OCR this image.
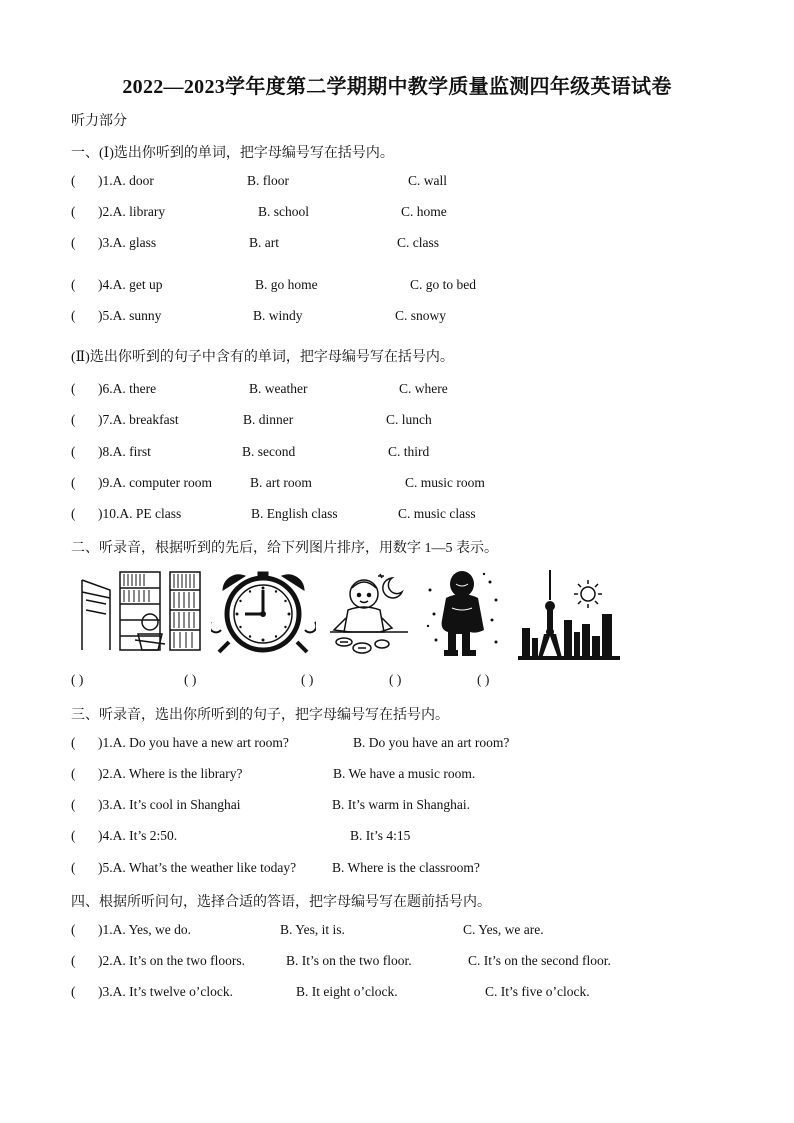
2022—2023学年度第二学期期中教学质量监测四年级英语试卷
听力部分
一、(Ⅰ)选出你听到的单词，把字母编号写在括号内。
( )1.A. door	B. floor	C. wall
( )2.A. library	B. school	C. home
( )3.A. glass	B. art	C. class
( )4.A. get up	B. go home	C. go to bed
( )5.A. sunny	B. windy	C. snowy
(Ⅱ)选出你听到的句子中含有的单词，把字母编号写在括号内。
( )6.A. there	B. weather	C. where
( )7.A. breakfast	B. dinner	C. lunch
( )8.A. first	B. second	C. third
( )9.A. computer room	B. art room	C. music room
( )10.A. PE class	B. English class	C. music class
二、听录音，根据听到的先后，给下列图片排序，用数字 1—5 表示。
( )	( )	( )	( )	( )
三、听录音，选出你所听到的句子，把字母编号写在括号内。
( )1.A. Do you have a new art room?	B. Do you have an art room?
( )2.A. Where is the library?	B. We have a music room.
( )3.A. It’s cool in Shanghai	B. It’s warm in Shanghai.
( )4.A. It’s 2:50.	B. It’s 4:15
( )5.A. What’s the weather like today?	B. Where is the classroom?
四、根据所听问句，选择合适的答语，把字母编号写在题前括号内。
( )1.A. Yes, we do.	B. Yes, it is.	C. Yes, we are.
( )2.A. It’s on the two floors.	B. It’s on the two floor.	C. It’s on the second floor.
( )3.A. It’s twelve o’clock.	B. It eight o’clock.	C. It’s five o’clock.
